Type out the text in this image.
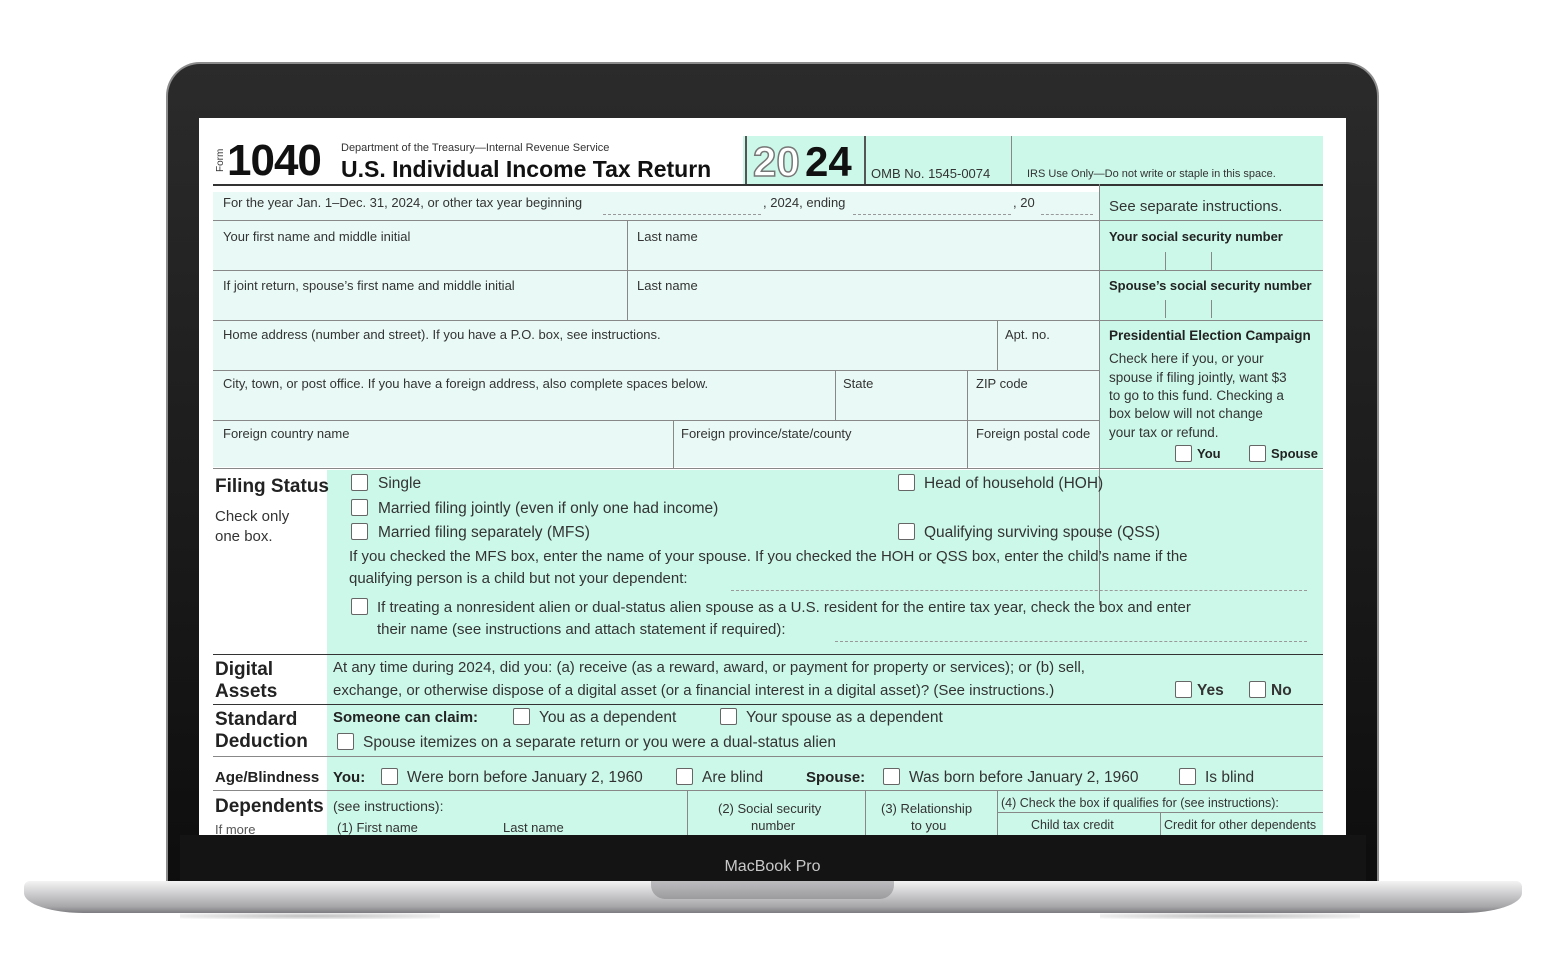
MacBook Pro
Form 1040 Department of the Treasury—Internal Revenue Service
U.S. Individual Income Tax Return 20 24 OMB No. 1545-0074	IRS Use Only—Do not write or staple in this space.
For the year Jan. 1–Dec. 31, 2024, or other tax year beginning	, 2024, ending	, 20	See separate instructions.
Your first name and middle initial	Last name	Your social security number
If joint return, spouse’s first name and middle initial	Last name	Spouse’s social security number
Home address (number and street). If you have a P.O. box, see instructions.	Apt. no.
City, town, or post office. If you have a foreign address, also complete spaces below.	State	ZIP code
Foreign country name	Foreign province/state/county	Foreign postal code
Presidential Election Campaign
Check here if you, or your
spouse if filing jointly, want $3
to go to this fund. Checking a
box below will not change
your tax or refund.
You	Spouse
Filing Status
Check only
one box.
Single	Head of household (HOH)
Married filing jointly (even if only one had income)
Married filing separately (MFS)	Qualifying surviving spouse (QSS)
If you checked the MFS box, enter the name of your spouse. If you checked the HOH or QSS box, enter the child’s name if the
qualifying person is a child but not your dependent:
If treating a nonresident alien or dual-status alien spouse as a U.S. resident for the entire tax year, check the box and enter
their name (see instructions and attach statement if required):
Digital
Assets
At any time during 2024, did you: (a) receive (as a reward, award, or payment for property or services); or (b) sell,
exchange, or otherwise dispose of a digital asset (or a financial interest in a digital asset)? (See instructions.)	Yes	No
Standard
Deduction
Someone can claim:	You as a dependent	Your spouse as a dependent
Spouse itemizes on a separate return or you were a dual-status alien
Age/Blindness You:	Were born before January 2, 1960	Are blind	Spouse:	Was born before January 2, 1960	Is blind
Dependents (see instructions):
(1) First name	Last name
If more
(2) Social security
number
(3) Relationship
to you
(4) Check the box if qualifies for (see instructions):
Child tax credit	Credit for other dependents
